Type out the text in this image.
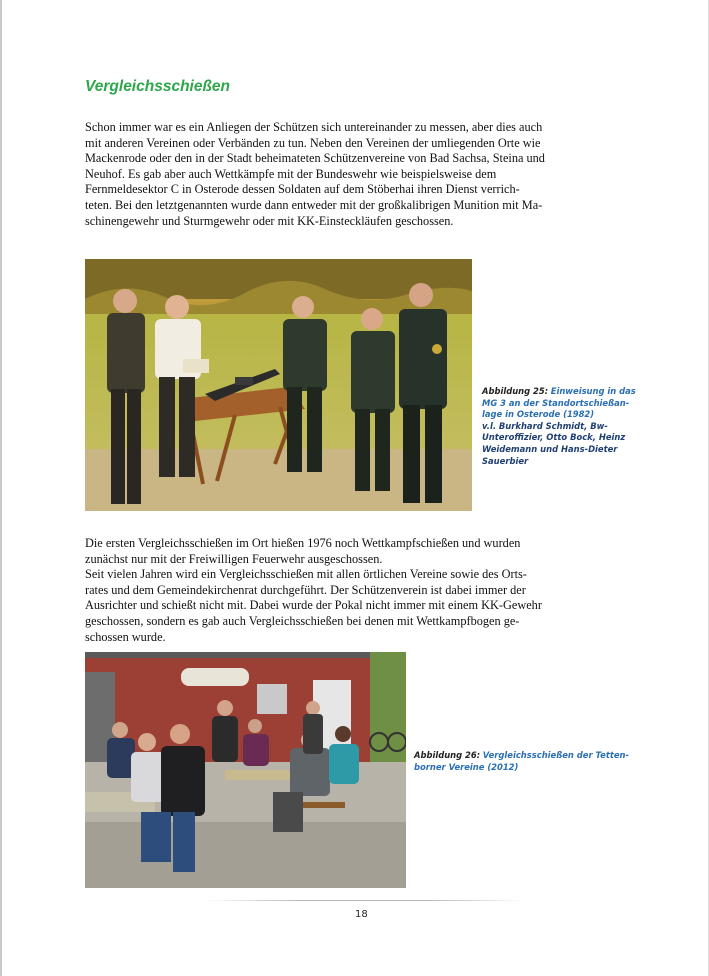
Vergleichsschießen
Schon immer war es ein Anliegen der Schützen sich untereinander zu messen, aber dies auch
mit anderen Vereinen oder Verbänden zu tun. Neben den Vereinen der umliegenden Orte wie
Mackenrode oder den in der Stadt beheimateten Schützenvereine von Bad Sachsa, Steina und
Neuhof. Es gab aber auch Wettkämpfe mit der Bundeswehr wie beispielsweise dem
Fernmeldesektor C in Osterode dessen Soldaten auf dem Stöberhai ihren Dienst verrich-
teten. Bei den letztgenannten wurde dann entweder mit der großkalibrigen Munition mit Ma-
schinengewehr und Sturmgewehr oder mit KK-Einsteckläufen geschossen.
Abbildung 25: Einweisung in das
MG 3 an der Standortschießan-
lage in Osterode (1982)
v.l. Burkhard Schmidt, Bw-
Unteroffizier, Otto Bock, Heinz
Weidemann und Hans-Dieter
Sauerbier
Die ersten Vergleichsschießen im Ort hießen 1976 noch Wettkampfschießen und wurden
zunächst nur mit der Freiwilligen Feuerwehr ausgeschossen.
Seit vielen Jahren wird ein Vergleichsschießen mit allen örtlichen Vereine sowie des Orts-
rates und dem Gemeindekirchenrat durchgeführt. Der Schützenverein ist dabei immer der
Ausrichter und schießt nicht mit. Dabei wurde der Pokal nicht immer mit einem KK-Gewehr
geschossen, sondern es gab auch Vergleichsschießen bei denen mit Wettkampfbogen ge-
schossen wurde.
Abbildung 26: Vergleichsschießen der Tetten-
borner Vereine (2012)
18
